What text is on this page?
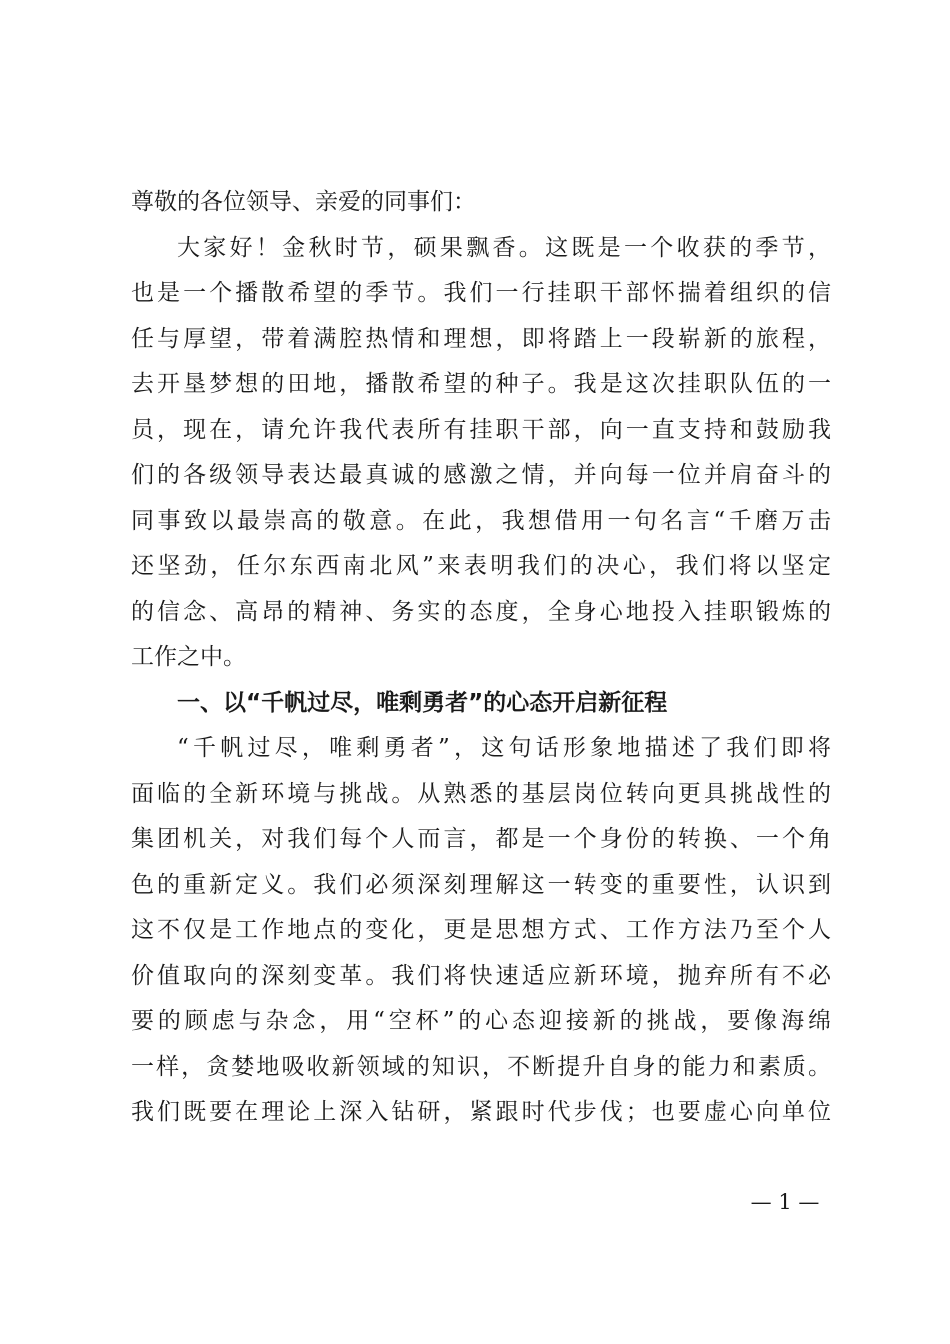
尊敬的各位领导、亲爱的同事们：
大家好！金秋时节，硕果飘香。这既是一个收获的季节，
也是一个播散希望的季节。我们一行挂职干部怀揣着组织的信
任与厚望，带着满腔热情和理想，即将踏上一段崭新的旅程，
去开垦梦想的田地，播散希望的种子。我是这次挂职队伍的一
员，现在，请允许我代表所有挂职干部，向一直支持和鼓励我
们的各级领导表达最真诚的感激之情，并向每一位并肩奋斗的
同事致以最崇高的敬意。在此，我想借用一句名言“千磨万击
还坚劲，任尔东西南北风”来表明我们的决心，我们将以坚定
的信念、高昂的精神、务实的态度，全身心地投入挂职锻炼的
工作之中。
一、以“千帆过尽，唯剩勇者”的心态开启新征程
“千帆过尽，唯剩勇者”，这句话形象地描述了我们即将
面临的全新环境与挑战。从熟悉的基层岗位转向更具挑战性的
集团机关，对我们每个人而言，都是一个身份的转换、一个角
色的重新定义。我们必须深刻理解这一转变的重要性，认识到
这不仅是工作地点的变化，更是思想方式、工作方法乃至个人
价值取向的深刻变革。我们将快速适应新环境，抛弃所有不必
要的顾虑与杂念，用“空杯”的心态迎接新的挑战，要像海绵
一样，贪婪地吸收新领域的知识，不断提升自身的能力和素质。
我们既要在理论上深入钻研，紧跟时代步伐；也要虚心向单位
— 1 —
